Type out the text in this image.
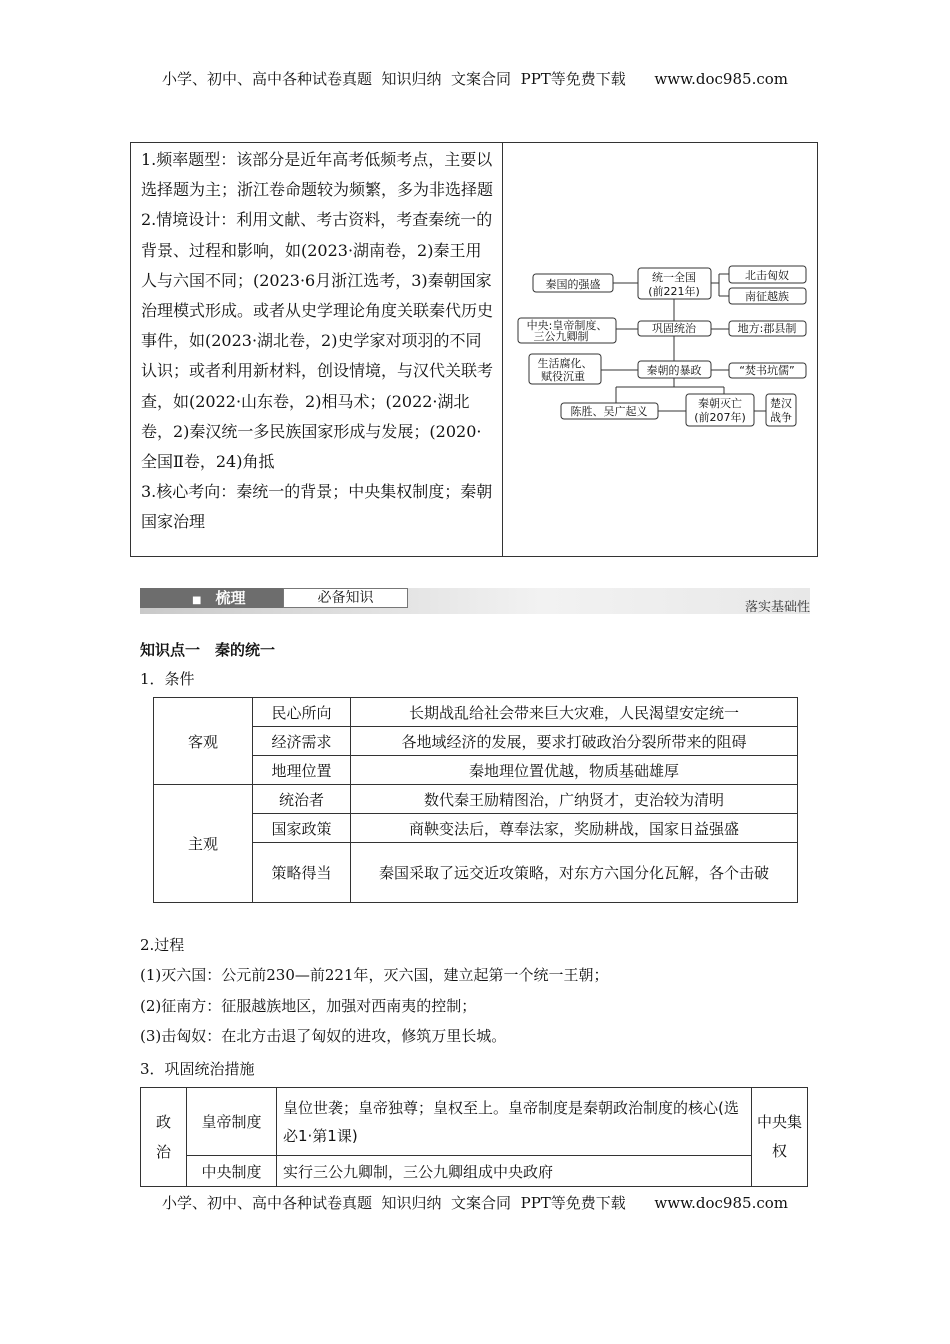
小学、初中、高中各种试卷真题  知识归纳  文案合同  PPT等免费下载      www.doc985.com

1.频率题型：该部分是近年高考低频考点，主要以选择题为主；浙江卷命题较为频繁，多为非选择题

2.情境设计：利用文献、考古资料，考查秦统一的背景、过程和影响，如(2023·湖南卷，2)秦王用人与六国不同；(2023·6月浙江选考，3)秦朝国家治理模式形成。或者从史学理论角度关联秦代历史事件，如(2023·湖北卷，2)史学家对项羽的不同认识；或者利用新材料，创设情境，与汉代关联考查，如(2022·山东卷，2)相马术；(2022·湖北卷，2)秦汉统一多民族国家形成与发展；(2020·全国Ⅱ卷，24)角抵

3.核心考向：秦统一的背景；中央集权制度；秦朝国家治理

秦国的强盛
统一全国
(前221年)
北击匈奴
南征越族
中央:皇帝制度、
三公九卿制
巩固统治	地方:郡县制
生活腐化、
赋役沉重	秦朝的暴政	“焚书坑儒”
陈胜、吴广起义
秦朝灭亡
(前207年)
楚汉
战争
■ 梳理	必备知识
落实基础性
知识点一　秦的统一
1．条件
客观	民心所向	长期战乱给社会带来巨大灾难，人民渴望安定统一
	经济需求	各地域经济的发展，要求打破政治分裂所带来的阻碍
	地理位置	秦地理位置优越，物质基础雄厚
主观	统治者	数代秦王励精图治，广纳贤才，吏治较为清明
	国家政策	商鞅变法后，尊奉法家，奖励耕战，国家日益强盛
	策略得当	秦国采取了远交近攻策略，对东方六国分化瓦解，各个击破
2.过程
(1)灭六国：公元前230—前221年，灭六国，建立起第一个统一王朝；
(2)征南方：征服越族地区，加强对西南夷的控制；
(3)击匈奴：在北方击退了匈奴的进攻，修筑万里长城。
3．巩固统治措施
政治	皇帝制度	皇位世袭；皇帝独尊；皇权至上。皇帝制度是秦朝政治制度的核心(选必1·第1课)	中央集权
	中央制度	实行三公九卿制，三公九卿组成中央政府	
小学、初中、高中各种试卷真题  知识归纳  文案合同  PPT等免费下载      www.doc985.com
